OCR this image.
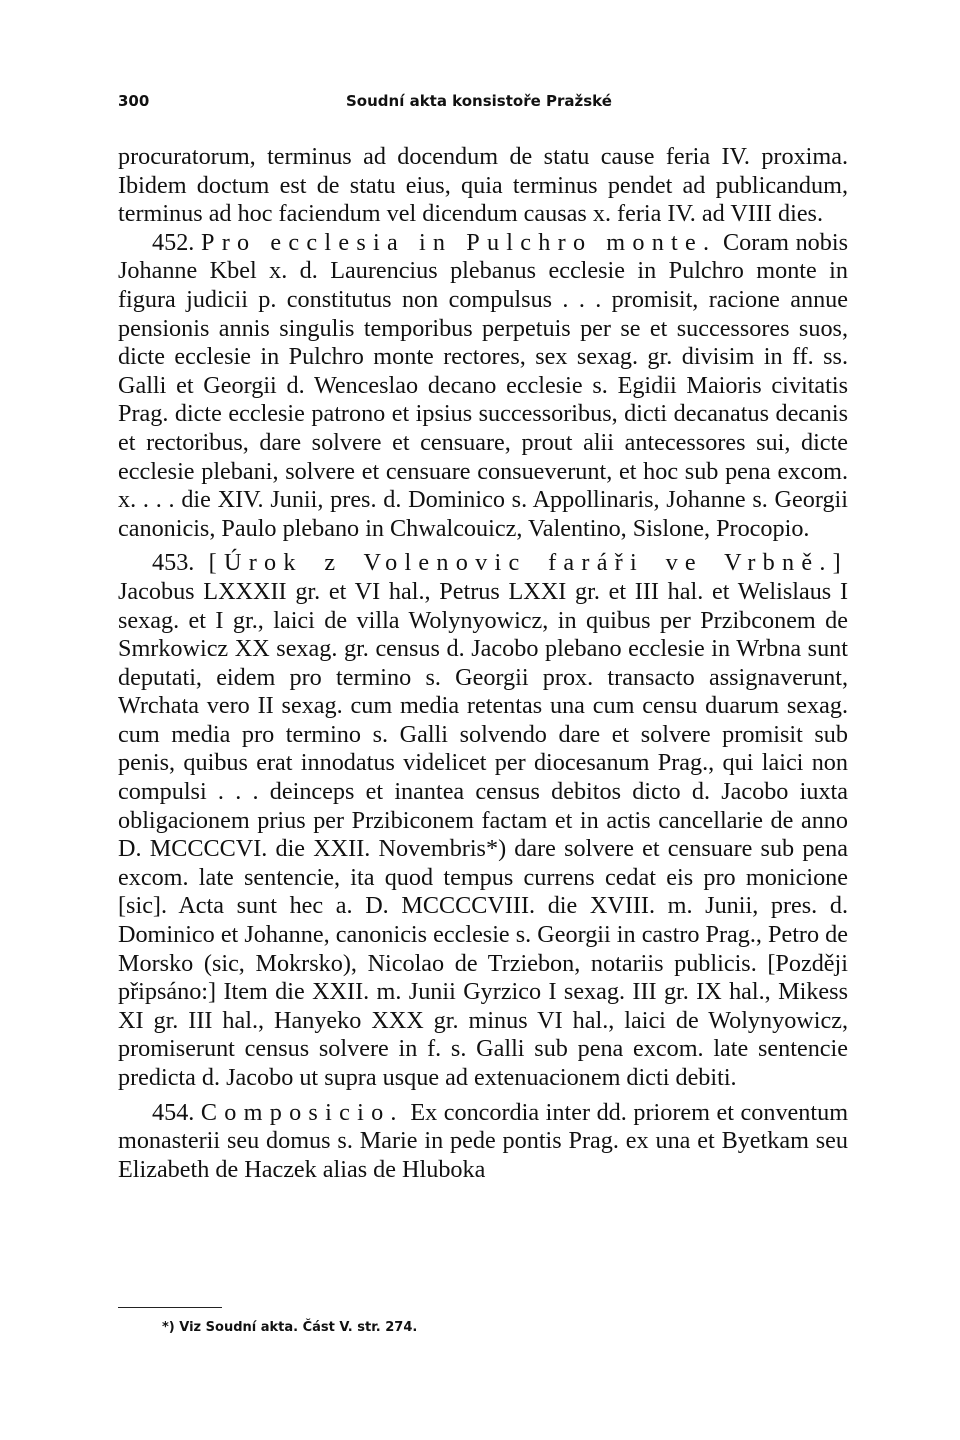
300	Soudní akta konsistoře Pražské

procuratorum, terminus ad docendum de statu cause feria IV. proxima. Ibidem doctum est de statu eius, quia terminus pendet ad publicandum, terminus ad hoc faciendum vel dicendum causas x. feria IV. ad VIII dies.

452. Pro ecclesia in Pulchro monte. Coram nobis Johanne Kbel x. d. Laurencius plebanus ecclesie in Pulchro monte in figura judicii p. constitutus non compulsus . . . promisit, racione annue pensionis annis singulis temporibus perpetuis per se et successores suos, dicte ecclesie in Pulchro monte rectores, sex sexag. gr. divisim in ff. ss. Galli et Georgii d. Wenceslao decano ecclesie s. Egidii Maioris civitatis Prag. dicte ecclesie patrono et ipsius successoribus, dicti decanatus decanis et rectoribus, dare solvere et censuare, prout alii antecessores sui, dicte ecclesie plebani, solvere et censuare consueverunt, et hoc sub pena excom. x. . . . die XIV. Junii, pres. d. Dominico s. Appollinaris, Johanne s. Georgii canonicis, Paulo plebano in Chwalcouicz, Valentino, Sislone, Procopio.

453. [Úrok z Volenovic faráři ve Vrbně.] Jacobus LXXXII gr. et VI hal., Petrus LXXI gr. et III hal. et Welislaus I sexag. et I gr., laici de villa Wolynyowicz, in quibus per Przibconem de Smrkowicz XX sexag. gr. census d. Jacobo plebano ecclesie in Wrbna sunt deputati, eidem pro termino s. Georgii prox. transacto assignaverunt, Wrchata vero II sexag. cum media retentas una cum censu duarum sexag. cum media pro termino s. Galli solvendo dare et solvere promisit sub penis, quibus erat innodatus videlicet per diocesanum Prag., qui laici non compulsi . . . deinceps et inantea census debitos dicto d. Jacobo iuxta obligacionem prius per Przibiconem factam et in actis cancellarie de anno D. MCCCCVI. die XXII. Novembris*) dare solvere et censuare sub pena excom. late sentencie, ita quod tempus currens cedat eis pro monicione [sic]. Acta sunt hec a. D. MCCCCVIII. die XVIII. m. Junii, pres. d. Dominico et Johanne, canonicis ecclesie s. Georgii in castro Prag., Petro de Morsko (sic, Mokrsko), Nicolao de Trziebon, notariis publicis. [Později připsáno:] Item die XXII. m. Junii Gyrzico I sexag. III gr. IX hal., Mikess XI gr. III hal., Hanyeko XXX gr. minus VI hal., laici de Wolynyowicz, promiserunt census solvere in f. s. Galli sub pena excom. late sentencie predicta d. Jacobo ut supra usque ad extenuacionem dicti debiti.

454. Composicio. Ex concordia inter dd. priorem et conventum monasterii seu domus s. Marie in pede pontis Prag. ex una et Byetkam seu Elizabeth de Haczek alias de Hluboka

*) Viz Soudní akta. Část V. str. 274.
